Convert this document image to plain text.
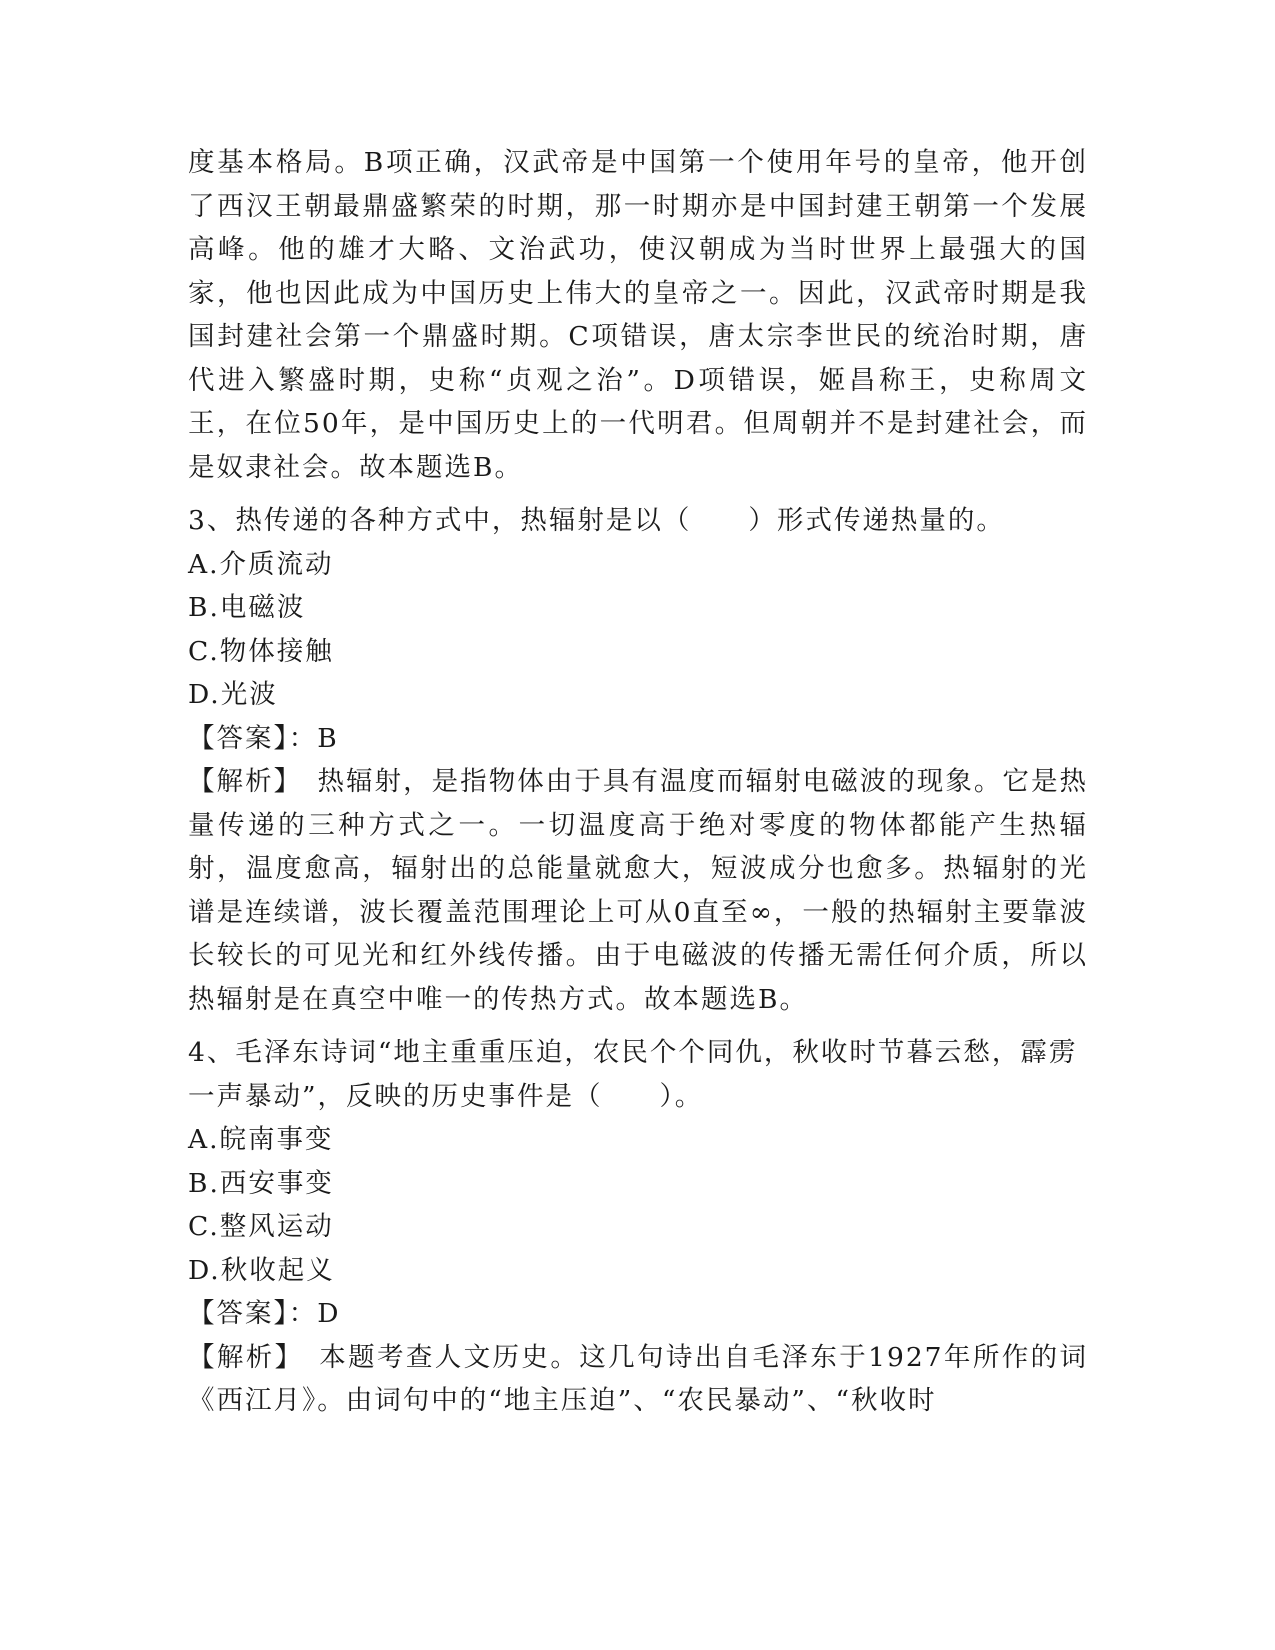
度基本格局。B项正确，汉武帝是中国第一个使用年号的皇帝，他开创了西汉王朝最鼎盛繁荣的时期，那一时期亦是中国封建王朝第一个发展高峰。他的雄才大略、文治武功，使汉朝成为当时世界上最强大的国家，他也因此成为中国历史上伟大的皇帝之一。因此，汉武帝时期是我国封建社会第一个鼎盛时期。C项错误，唐太宗李世民的统治时期，唐代进入繁盛时期，史称“贞观之治”。D项错误，姬昌称王，史称周文王，在位50年，是中国历史上的一代明君。但周朝并不是封建社会，而是奴隶社会。故本题选B。

3、热传递的各种方式中，热辐射是以（　　）形式传递热量的。

A.介质流动

B.电磁波

C.物体接触

D.光波

【答案】：B

【解析】　热辐射，是指物体由于具有温度而辐射电磁波的现象。它是热量传递的三种方式之一。一切温度高于绝对零度的物体都能产生热辐射，温度愈高，辐射出的总能量就愈大，短波成分也愈多。热辐射的光谱是连续谱，波长覆盖范围理论上可从0直至∞，一般的热辐射主要靠波长较长的可见光和红外线传播。由于电磁波的传播无需任何介质，所以热辐射是在真空中唯一的传热方式。故本题选B。

4、毛泽东诗词“地主重重压迫，农民个个同仇，秋收时节暮云愁，霹雳一声暴动”，反映的历史事件是（　　）。

A.皖南事变

B.西安事变

C.整风运动

D.秋收起义

【答案】：D

【解析】　本题考查人文历史。这几句诗出自毛泽东于1927年所作的词《西江月》。由词句中的“地主压迫”、“农民暴动”、“秋收时
